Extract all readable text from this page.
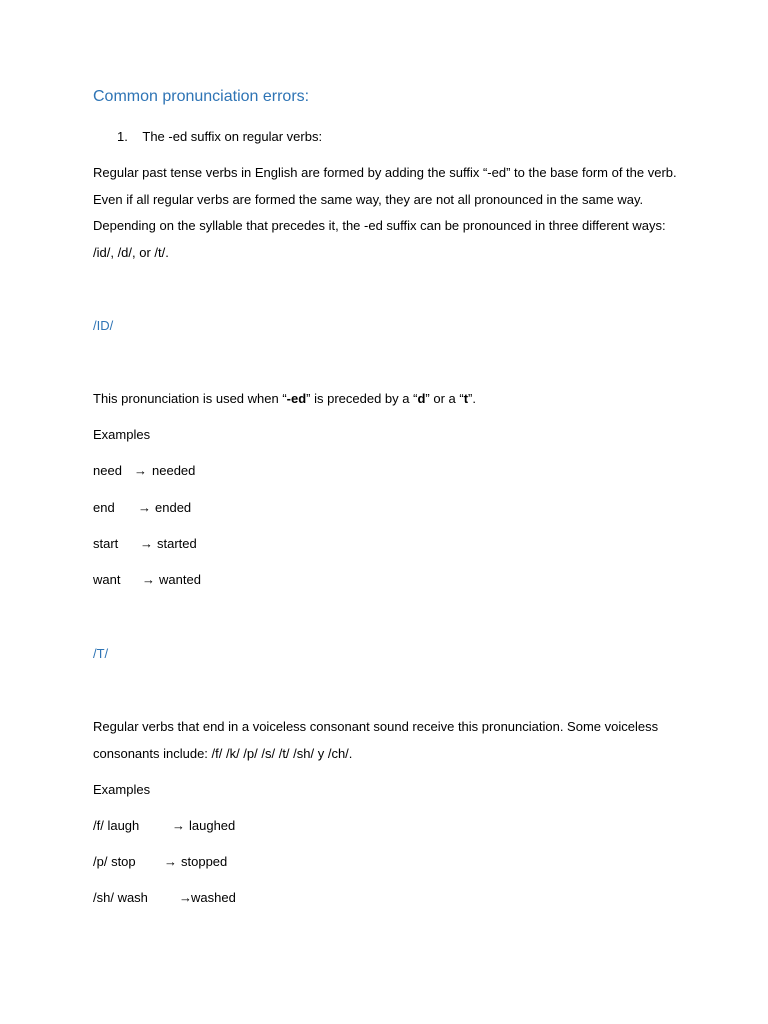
Common pronunciation errors:
1. The -ed suffix on regular verbs:
Regular past tense verbs in English are formed by adding the suffix “-ed” to the base form of the verb. Even if all regular verbs are formed the same way, they are not all pronounced in the same way. Depending on the syllable that precedes it, the -ed suffix can be pronounced in three different ways: /id/, /d/, or /t/.
/ID/
This pronunciation is used when “-ed” is preceded by a “d” or a “t”.
Examples
need → needed
end → ended
start → started
want → wanted
/T/
Regular verbs that end in a voiceless consonant sound receive this pronunciation. Some voiceless consonants include: /f/ /k/ /p/ /s/ /t/ /sh/ y /ch/.
Examples
/f/ laugh	→ laughed
/p/ stop → stopped
/sh/ wash → washed
